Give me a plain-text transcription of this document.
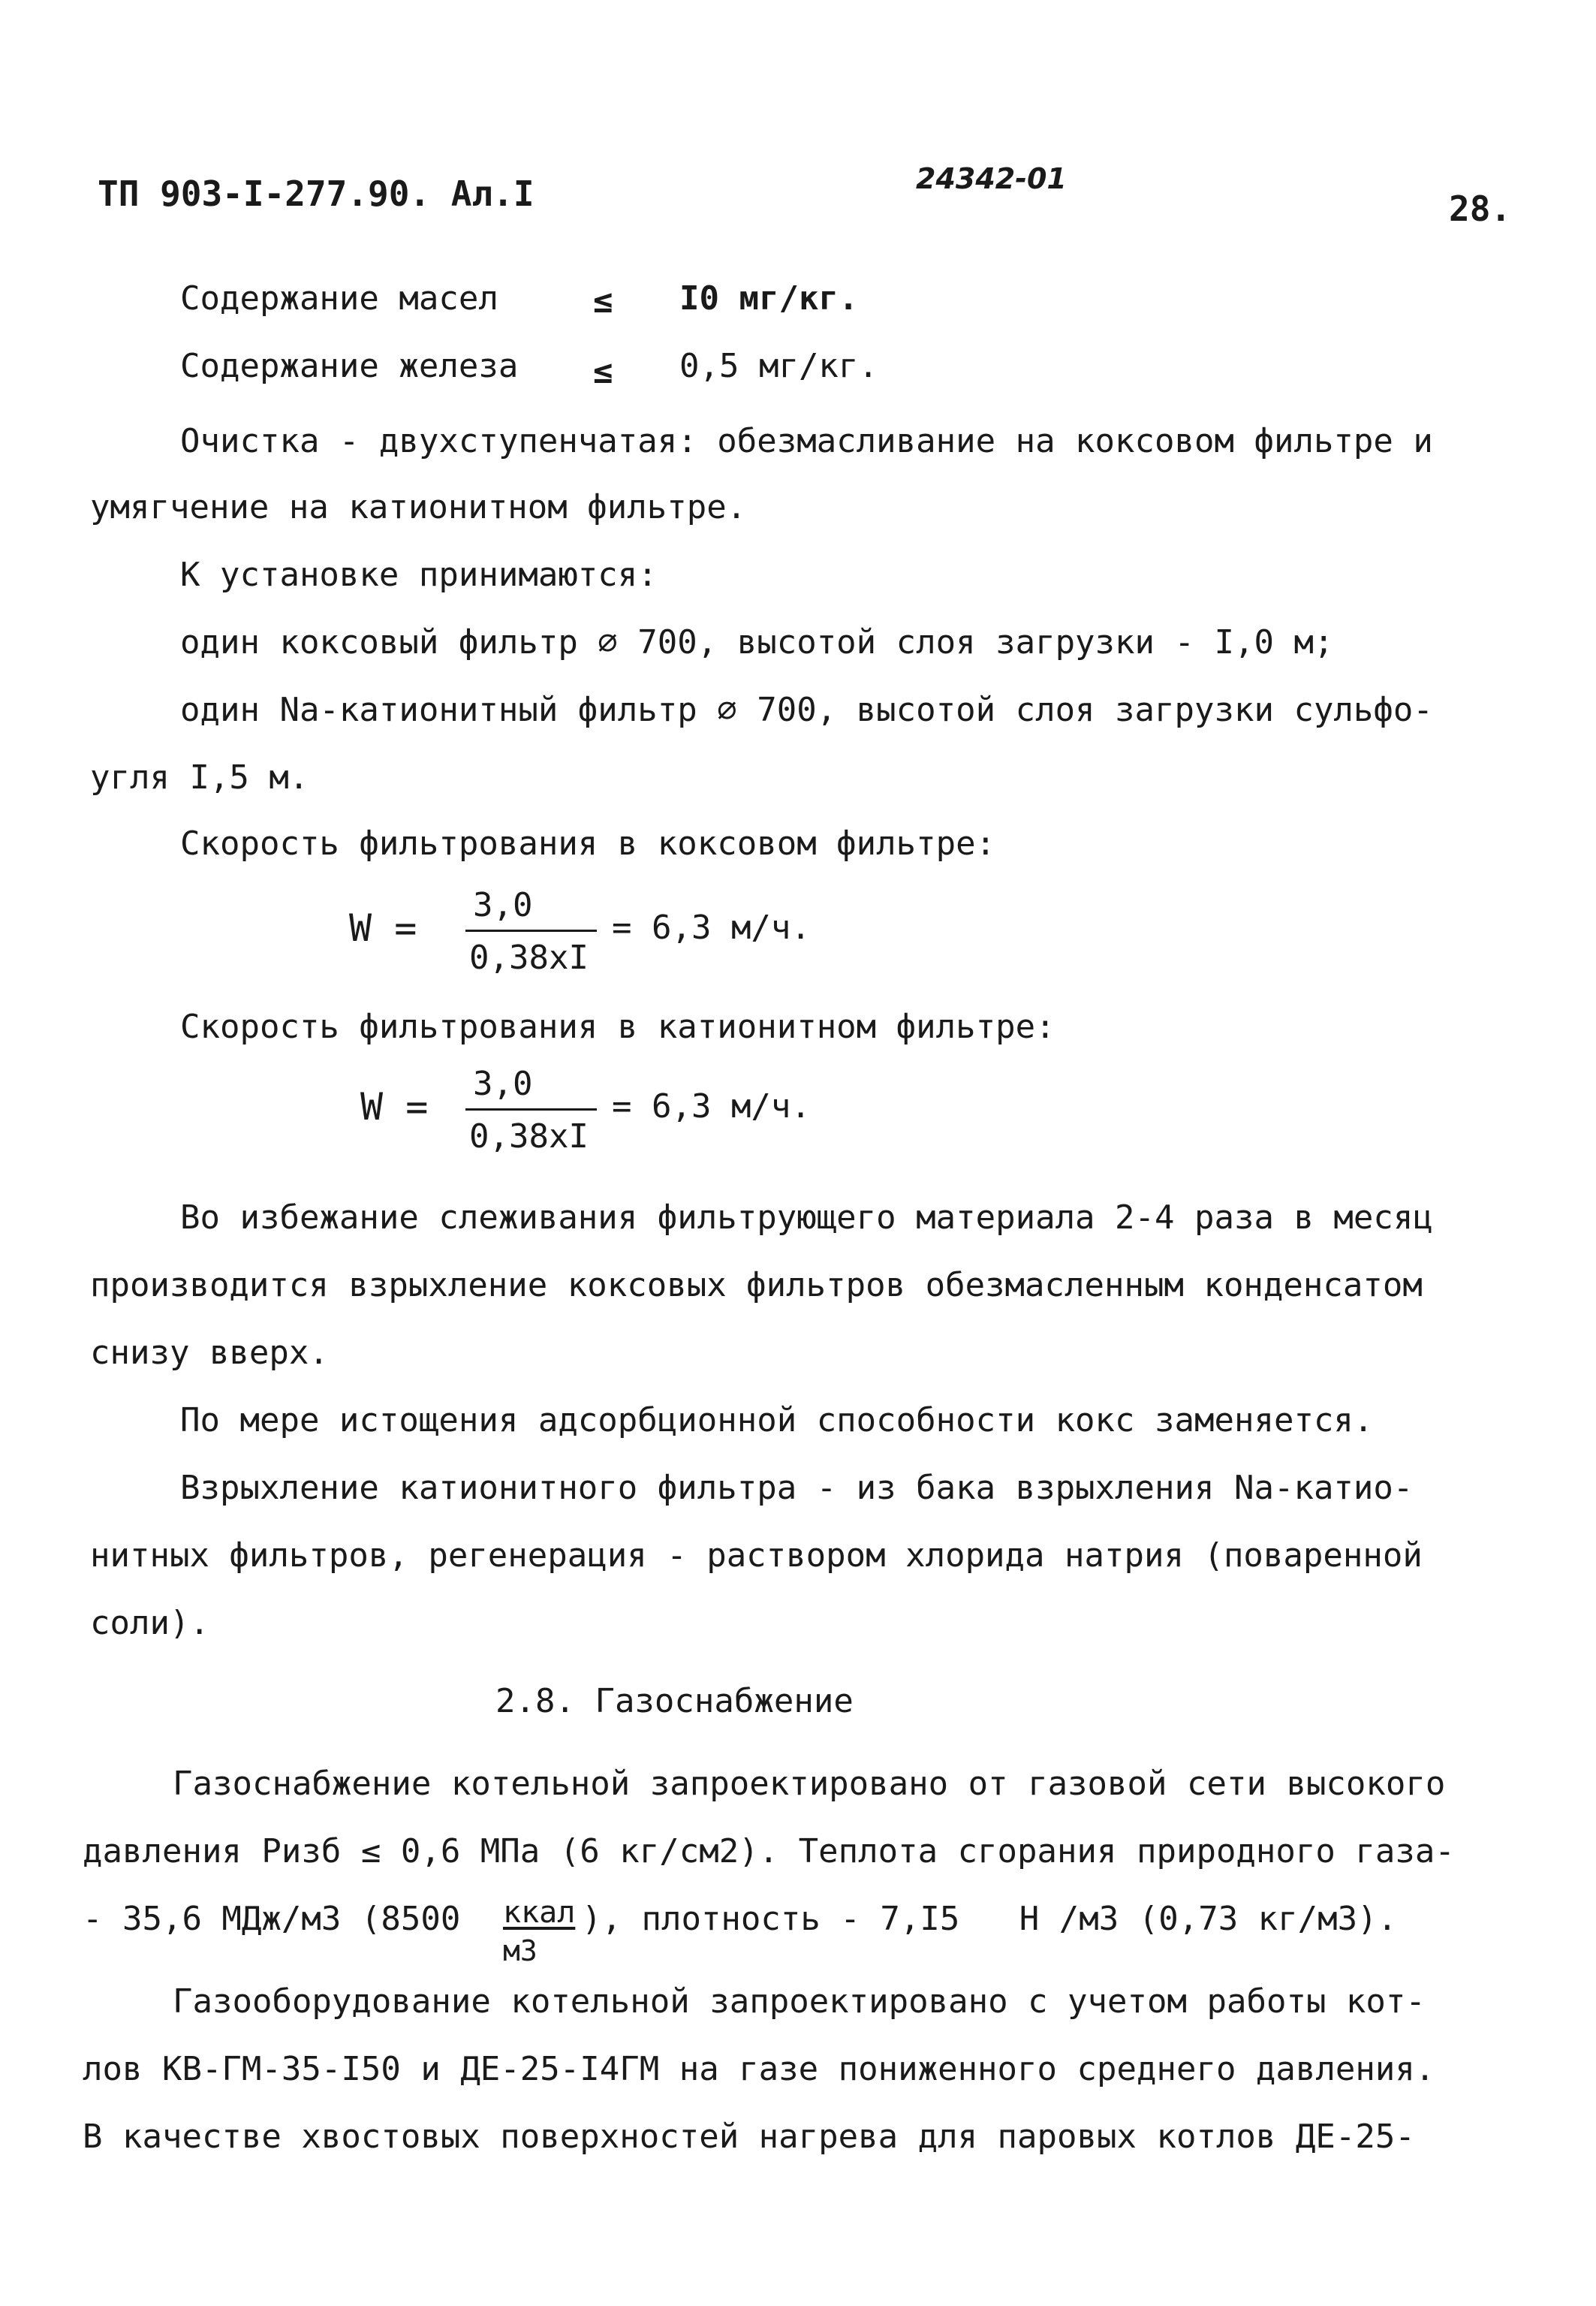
ТП 903-I-277.90. Ал.I	24342-01
28.
Содержание масел	≤ I0 мг/кг.
Содержание железа ≤ 0,5 мг/кг.
Очистка - двухступенчатая: обезмасливание на коксовом фильтре и
умягчение на катионитном фильтре.
К установке принимаются:
один коксовый фильтр ∅ 700, высотой слоя загрузки - I,0 м;
один Na-катионитный фильтр ∅ 700, высотой слоя загрузки сульфо-
угля I,5 м.
Скорость фильтрования в коксовом фильтре:
W =
3,0
0,38xI
= 6,3 м/ч.
Скорость фильтрования в катионитном фильтре:
W =
3,0
0,38xI
= 6,3 м/ч.
Во избежание слеживания фильтрующего материала 2-4 раза в месяц
производится взрыхление коксовых фильтров обезмасленным конденсатом
снизу вверх.
По мере истощения адсорбционной способности кокс заменяется.
Взрыхление катионитного фильтра - из бака взрыхления Na-катио-
нитных фильтров, регенерация - раствором хлорида натрия (поваренной
соли).
2.8. Газоснабжение
Газоснабжение котельной запроектировано от газовой сети высокого
давления Ризб ≤ 0,6 МПа (6 кг/см2). Теплота сгорания природного газа-
- 35,6 МДж/м3 (8500 ккал
м3
), плотность - 7,I5   Н /м3 (0,73 кг/м3).
Газооборудование котельной запроектировано с учетом работы кот-
лов КВ-ГМ-35-I50 и ДЕ-25-I4ГМ на газе пониженного среднего давления.
В качестве хвостовых поверхностей нагрева для паровых котлов ДЕ-25-
